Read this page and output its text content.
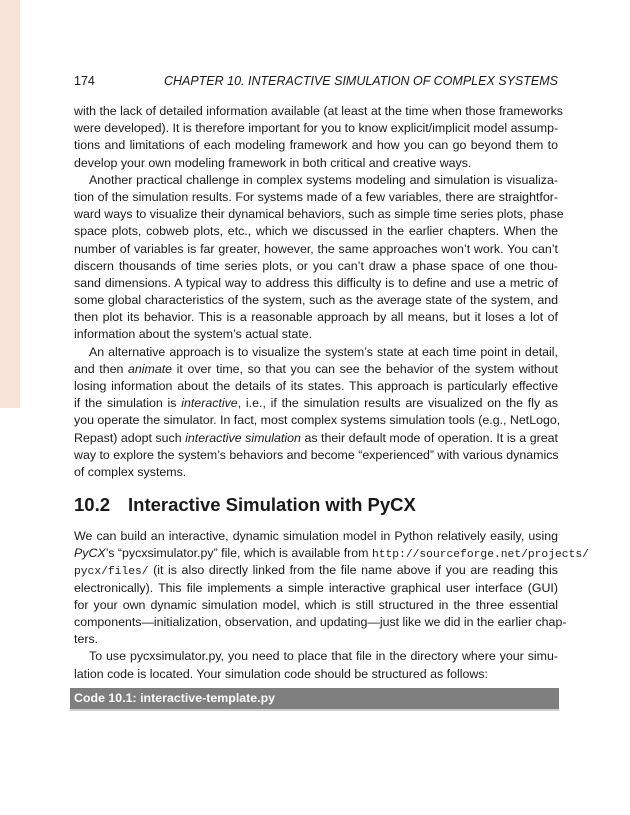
174	CHAPTER 10. INTERACTIVE SIMULATION OF COMPLEX SYSTEMS
with the lack of detailed information available (at least at the time when those frameworks
were developed). It is therefore important for you to know explicit/implicit model assump-
tions and limitations of each modeling framework and how you can go beyond them to
develop your own modeling framework in both critical and creative ways.
Another practical challenge in complex systems modeling and simulation is visualiza-
tion of the simulation results. For systems made of a few variables, there are straightfor-
ward ways to visualize their dynamical behaviors, such as simple time series plots, phase
space plots, cobweb plots, etc., which we discussed in the earlier chapters. When the
number of variables is far greater, however, the same approaches won’t work. You can’t
discern thousands of time series plots, or you can’t draw a phase space of one thou-
sand dimensions. A typical way to address this difficulty is to define and use a metric of
some global characteristics of the system, such as the average state of the system, and
then plot its behavior. This is a reasonable approach by all means, but it loses a lot of
information about the system’s actual state.
An alternative approach is to visualize the system’s state at each time point in detail,
and then animate it over time, so that you can see the behavior of the system without
losing information about the details of its states. This approach is particularly effective
if the simulation is interactive, i.e., if the simulation results are visualized on the fly as
you operate the simulator. In fact, most complex systems simulation tools (e.g., NetLogo,
Repast) adopt such interactive simulation as their default mode of operation. It is a great
way to explore the system’s behaviors and become “experienced” with various dynamics
of complex systems.
10.2 Interactive Simulation with PyCX
We can build an interactive, dynamic simulation model in Python relatively easily, using
PyCX’s “pycxsimulator.py” file, which is available from http://sourceforge.net/projects/
pycx/files/ (it is also directly linked from the file name above if you are reading this
electronically). This file implements a simple interactive graphical user interface (GUI)
for your own dynamic simulation model, which is still structured in the three essential
components—initialization, observation, and updating—just like we did in the earlier chap-
ters.
To use pycxsimulator.py, you need to place that file in the directory where your simu-
lation code is located. Your simulation code should be structured as follows:
Code 10.1: interactive-template.py
